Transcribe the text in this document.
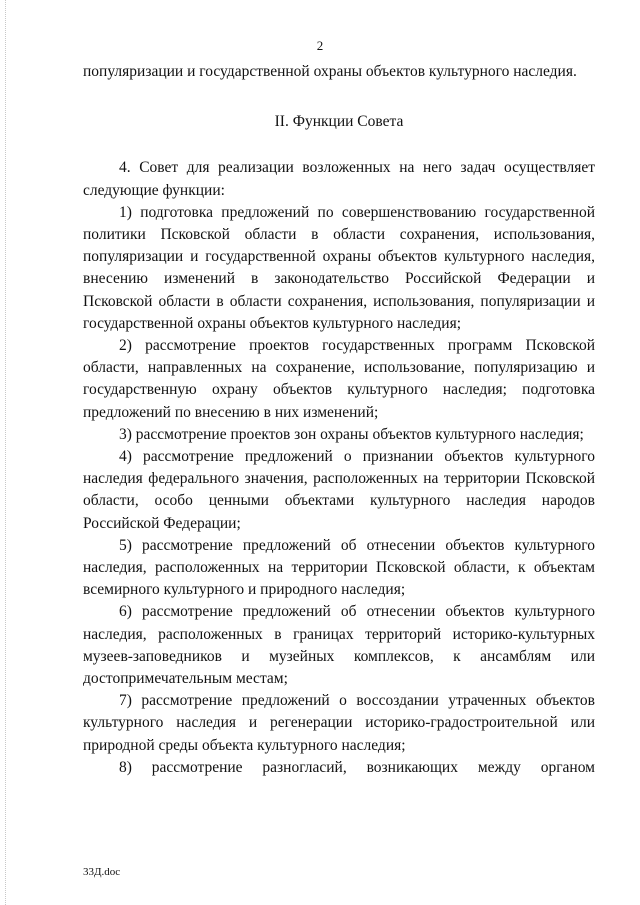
2

популяризации и государственной охраны объектов культурного наследия.

II. Функции Совета

4. Совет для реализации возложенных на него задач осуществляет следующие функции:

1) подготовка предложений по совершенствованию государственной политики Псковской области в области сохранения, использования, популяризации и государственной охраны объектов культурного наследия, внесению изменений в законодательство Российской Федерации и Псковской области в области сохранения, использования, популяризации и государственной охраны объектов культурного наследия;

2) рассмотрение проектов государственных программ Псковской области, направленных на сохранение, использование, популяризацию и государственную охрану объектов культурного наследия; подготовка предложений по внесению в них изменений;

3) рассмотрение проектов зон охраны объектов культурного наследия;

4) рассмотрение предложений о признании объектов культурного наследия федерального значения, расположенных на территории Псковской области, особо ценными объектами культурного наследия народов Российской Федерации;

5) рассмотрение предложений об отнесении объектов культурного наследия, расположенных на территории Псковской области, к объектам всемирного культурного и природного наследия;

6) рассмотрение предложений об отнесении объектов культурного наследия, расположенных в границах территорий историко-культурных музеев-заповедников и музейных комплексов, к ансамблям или достопримечательным местам;

7) рассмотрение предложений о воссоздании утраченных объектов культурного наследия и регенерации историко-градостроительной или природной среды объекта культурного наследия;

8) рассмотрение разногласий, возникающих между органом

33Д.doc
